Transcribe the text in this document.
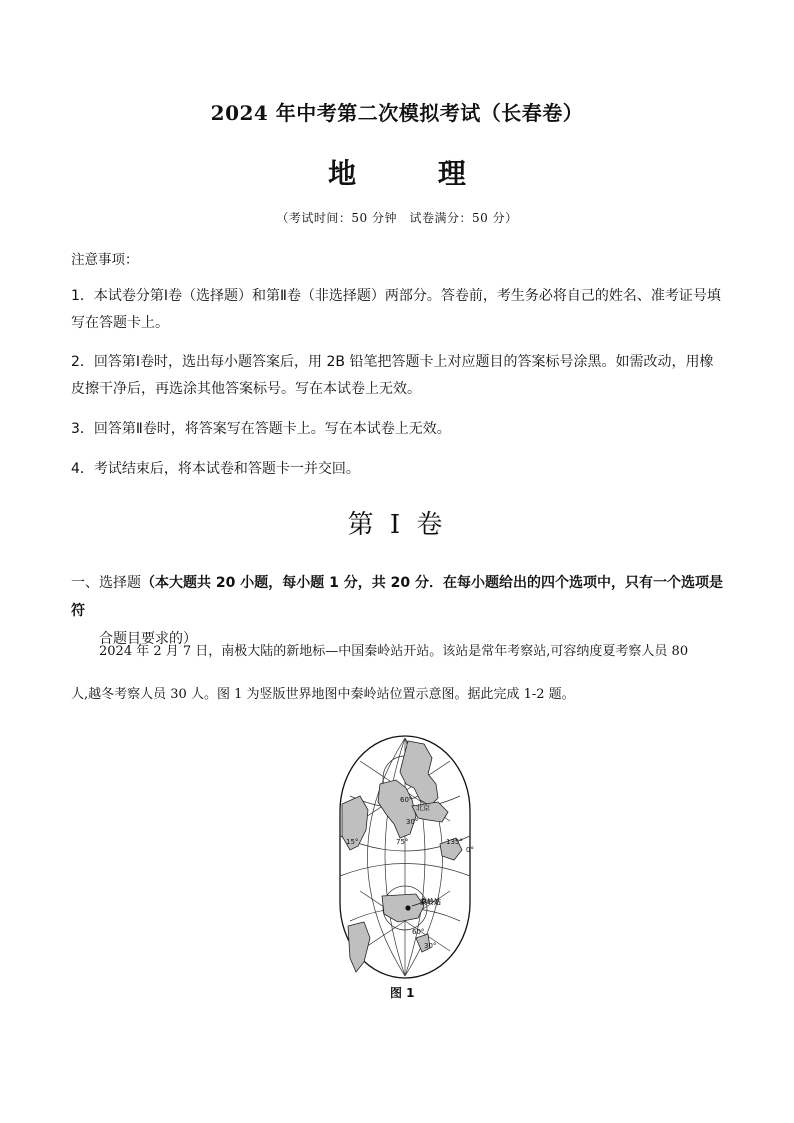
2024 年中考第二次模拟考试（长春卷）
地 理
（考试时间：50 分钟　试卷满分：50 分）
注意事项：
1．本试卷分第Ⅰ卷（选择题）和第Ⅱ卷（非选择题）两部分。答卷前，考生务必将自己的姓名、准考证号填写在答题卡上。
2．回答第Ⅰ卷时，选出每小题答案后，用 2B 铅笔把答题卡上对应题目的答案标号涂黑。如需改动，用橡皮擦干净后，再选涂其他答案标号。写在本试卷上无效。
3．回答第Ⅱ卷时，将答案写在答题卡上。写在本试卷上无效。
4．考试结束后，将本试卷和答题卡一并交回。
第 I 卷
一、选择题（本大题共 20 小题，每小题 1 分，共 20 分．在每小题给出的四个选项中，只有一个选项是符
合题目要求的）
2024 年 2 月 7 日，南极大陆的新地标—中国秦岭站开站。该站是常年考察站,可容纳度夏考察人员 80
人,越冬考察人员 30 人。图 1 为竖版世界地图中秦岭站位置示意图。据此完成 1-2 题。
60°
30°
15°	75°	135°
0°
北京
秦岭站
60°
30°
图 1
